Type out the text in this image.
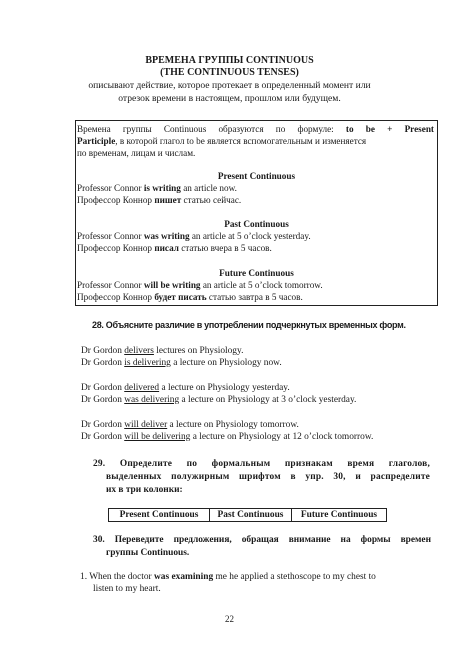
ВРЕМЕНА ГРУППЫ CONTINUOUS
(THE CONTINUOUS TENSES)
описывают действие, которое протекает в определенный момент или
отрезок времени в настоящем, прошлом или будущем.
Времена группы Continuous образуются по формуле: to be + Present
Participle, в которой глагол to be является вспомогательным и изменяется
по временам, лицам и числам.
Present Continuous
Professor Connor is writing an article now.
Профессор Коннор пишет статью сейчас.
Past Continuous
Professor Connor was writing an article at 5 o’clock yesterday.
Профессор Коннор писал статью вчера в 5 часов.
Future Continuous
Professor Connor will be writing an article at 5 o’clock tomorrow.
Профессор Коннор будет писать статью завтра в 5 часов.
28. Объясните различие в употреблении подчеркнутых временных форм.
Dr Gordon delivers lectures on Physiology.
Dr Gordon is delivering a lecture on Physiology now.
Dr Gordon delivered a lecture on Physiology yesterday.
Dr Gordon was delivering a lecture on Physiology at 3 o’clock yesterday.
Dr Gordon will deliver a lecture on Physiology tomorrow.
Dr Gordon will be delivering a lecture on Physiology at 12 o’clock tomorrow.
29. Определите по формальным признакам время глаголов,
выделенных полужирным шрифтом в упр. 30, и распределите
их в три колонки:
Present Continuous	Past Continuous	Future Continuous
30. Переведите предложения, обращая внимание на формы времен
группы Continuous.
1. When the doctor was examining me he applied a stethoscope to my chest to
listen to my heart.
22
